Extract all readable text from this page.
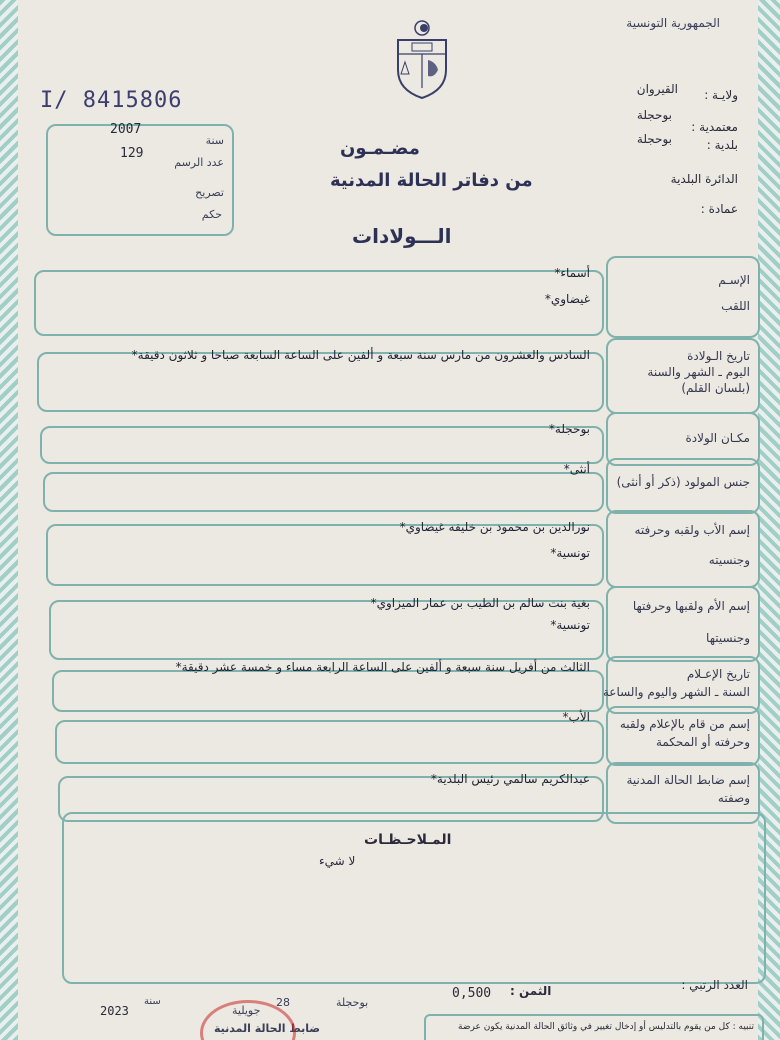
الجمهورية التونسية
I/ 8415806
مضـمـون
من دفاتر الحالة المدنية
الـــولادات
ولايـة :
القيروان
معتمدية :
بوحجلة
بلدية :
بوحجلة
الدائرة البلدية
عمادة :
سنة
2007
عدد الرسم
129
تصريح
حكم
الإسـم
اللقب
أسماء*
غيضاوي*
تاريخ الـولادة
اليوم ـ الشهر والسنة
(بلسان القلم)
السادس والعشرون من مارس سنة سبعة و ألفين على الساعة السابعة صباحا و ثلاثون دقيقة*
مكـان الولادة
بوحجلة*
جنس المولود (ذكر أو أنثى)
أنثى*
إسم الأب ولقبه وحرفته
وجنسيته
نورالدين بن محمود بن خليفه غيضاوي*
تونسية*
إسم الأم ولقبها وحرفتها
وجنسيتها
بغية بنت سالم بن الطيب بن عمار الميزاوي*
تونسية*
تاريخ الإعـلام
السنة ـ الشهر واليوم والساعة
الثالث من أفريل سنة سبعة و ألفين على الساعة الرابعة مساء و خمسة عشر دقيقة*
إسم من قام بالإعلام ولقبه
وحرفته أو المحكمة
الأب*
إسم ضابط الحالة المدنية
وصفته
عبدالكريم سالمي رئيس البلدية*
المـلاحـظـات
لا شيء
العدد الرتبي :
الثمن :
0,500
بوحجلة
28
جويلية
سنة
2023
ضابط الحالة المدنية	تنبيه : كل من يقوم بالتدليس أو إدخال تغيير في وثائق الحالة المدنية يكون عرضة
